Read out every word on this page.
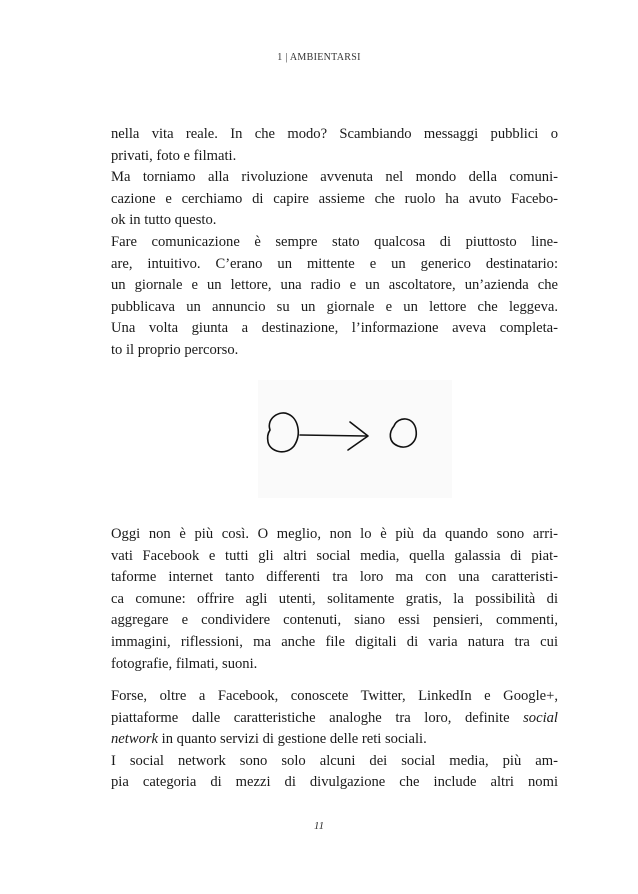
1 | AMBIENTARSI
nella vita reale. In che modo? Scambiando messaggi pubblici o
privati, foto e filmati.
Ma torniamo alla rivoluzione avvenuta nel mondo della comuni-
cazione e cerchiamo di capire assieme che ruolo ha avuto Facebo-
ok in tutto questo.
Fare comunicazione è sempre stato qualcosa di piuttosto line-
are, intuitivo. C’erano un mittente e un generico destinatario:
un giornale e un lettore, una radio e un ascoltatore, un’azienda che
pubblicava un annuncio su un giornale e un lettore che leggeva.
Una volta giunta a destinazione, l’informazione aveva completa-
to il proprio percorso.
Oggi non è più così. O meglio, non lo è più da quando sono arri-
vati Facebook e tutti gli altri social media, quella galassia di piat-
taforme internet tanto differenti tra loro ma con una caratteristi-
ca comune: offrire agli utenti, solitamente gratis, la possibilità di
aggregare e condividere contenuti, siano essi pensieri, commenti,
immagini, riflessioni, ma anche file digitali di varia natura tra cui
fotografie, filmati, suoni.
Forse, oltre a Facebook, conoscete Twitter, LinkedIn e Google+,
piattaforme dalle caratteristiche analoghe tra loro, definite social
network in quanto servizi di gestione delle reti sociali.
I social network sono solo alcuni dei social media, più am-
pia categoria di mezzi di divulgazione che include altri nomi
11
